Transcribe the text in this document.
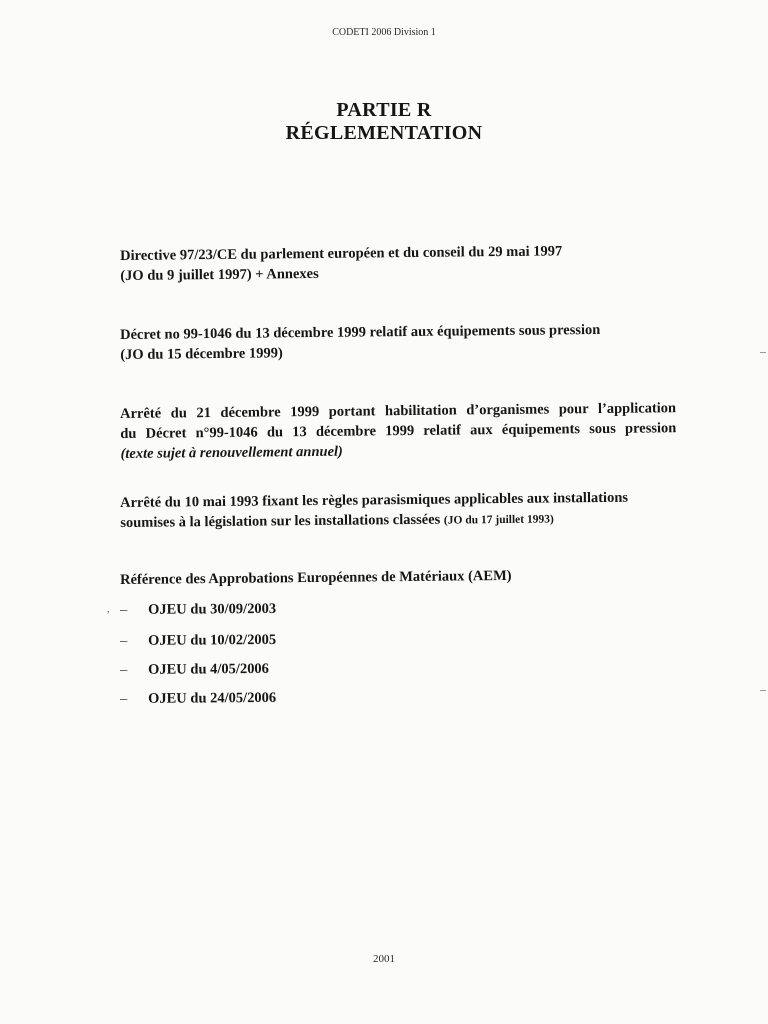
CODETI 2006 Division 1
PARTIE R
RÉGLEMENTATION
Directive 97/23/CE du parlement européen et du conseil du 29 mai 1997
(JO du 9 juillet 1997) + Annexes
Décret no 99-1046 du 13 décembre 1999 relatif aux équipements sous pression
(JO du 15 décembre 1999)
Arrêté du 21 décembre 1999 portant habilitation d’organismes pour l’application
du Décret n°99-1046 du 13 décembre 1999 relatif aux équipements sous pression
(texte sujet à renouvellement annuel)
Arrêté du 10 mai 1993 fixant les règles parasismiques applicables aux installations
soumises à la législation sur les installations classées (JO du 17 juillet 1993)
Référence des Approbations Européennes de Matériaux (AEM)
, – OJEU du 30/09/2003
– OJEU du 10/02/2005
– OJEU du 4/05/2006
– OJEU du 24/05/2006
2001
